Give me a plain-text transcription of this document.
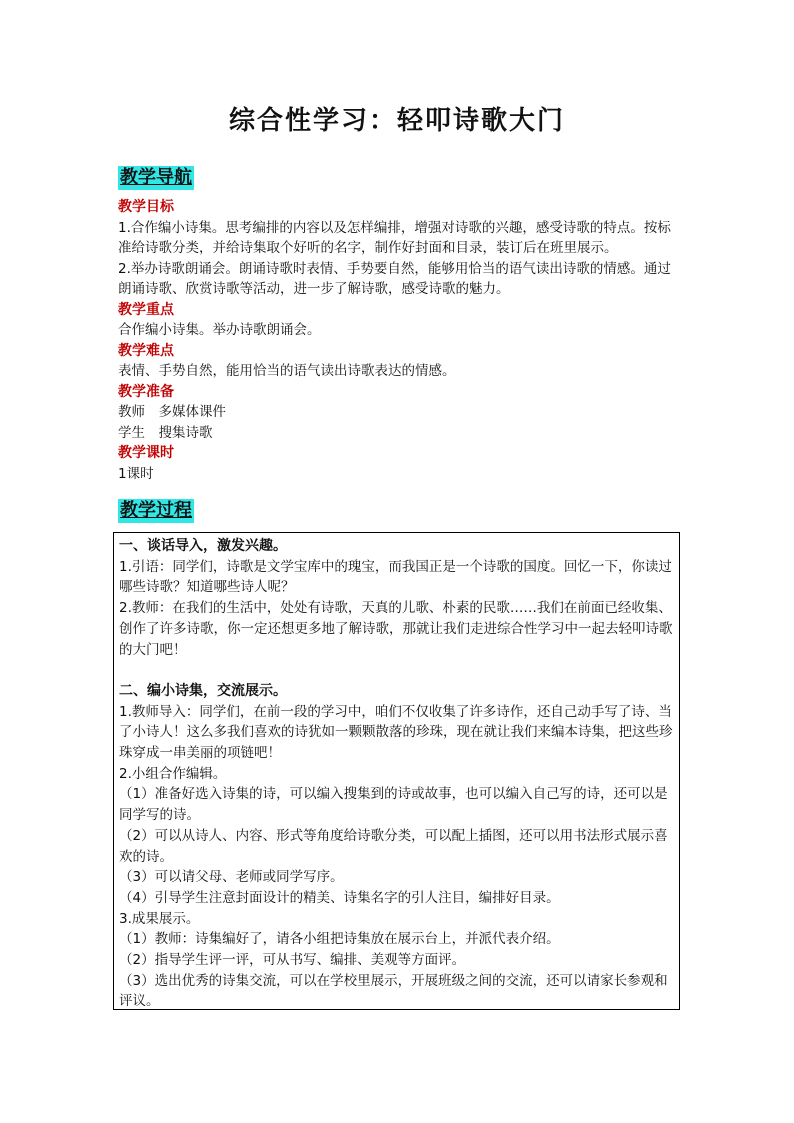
综合性学习：轻叩诗歌大门
教学导航

教学目标

1.合作编小诗集。思考编排的内容以及怎样编排，增强对诗歌的兴趣，感受诗歌的特点。按标准给诗歌分类，并给诗集取个好听的名字，制作好封面和目录，装订后在班里展示。

2.举办诗歌朗诵会。朗诵诗歌时表情、手势要自然，能够用恰当的语气读出诗歌的情感。通过朗诵诗歌、欣赏诗歌等活动，进一步了解诗歌，感受诗歌的魅力。

教学重点

合作编小诗集。举办诗歌朗诵会。

教学难点

表情、手势自然，能用恰当的语气读出诗歌表达的情感。

教学准备

教师　多媒体课件

学生　搜集诗歌

教学课时

1课时

教学过程

一、谈话导入，激发兴趣。

1.引语：同学们，诗歌是文学宝库中的瑰宝，而我国正是一个诗歌的国度。回忆一下，你读过哪些诗歌？知道哪些诗人呢？

2.教师：在我们的生活中，处处有诗歌，天真的儿歌、朴素的民歌……我们在前面已经收集、创作了许多诗歌，你一定还想更多地了解诗歌，那就让我们走进综合性学习中一起去轻叩诗歌的大门吧！

二、编小诗集，交流展示。

1.教师导入：同学们，在前一段的学习中，咱们不仅收集了许多诗作，还自己动手写了诗、当了小诗人！这么多我们喜欢的诗犹如一颗颗散落的珍珠，现在就让我们来编本诗集，把这些珍珠穿成一串美丽的项链吧！

2.小组合作编辑。

（1）准备好选入诗集的诗，可以编入搜集到的诗或故事，也可以编入自己写的诗，还可以是同学写的诗。

（2）可以从诗人、内容、形式等角度给诗歌分类，可以配上插图，还可以用书法形式展示喜欢的诗。

（3）可以请父母、老师或同学写序。

（4）引导学生注意封面设计的精美、诗集名字的引人注目，编排好目录。

3.成果展示。

（1）教师：诗集编好了，请各小组把诗集放在展示台上，并派代表介绍。

（2）指导学生评一评，可从书写、编排、美观等方面评。

（3）选出优秀的诗集交流，可以在学校里展示，开展班级之间的交流，还可以请家长参观和评议。
